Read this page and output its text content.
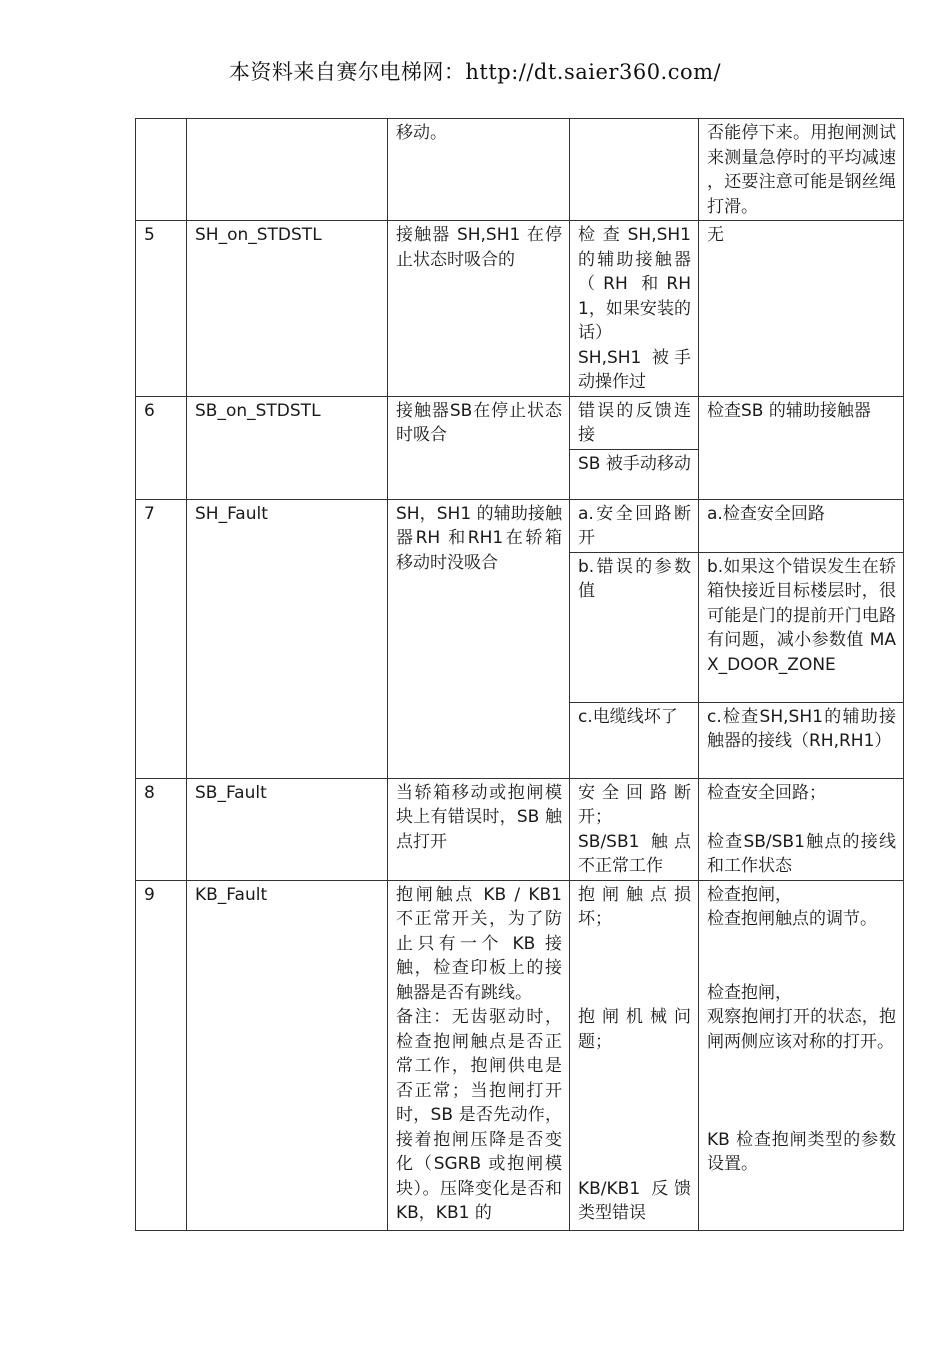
本资料来自赛尔电梯网：http://dt.saier360.com/
		移动。		否能停下来。用抱闸测试来测量急停时的平均减速 ，还要注意可能是钢丝绳打滑。
5	SH_on_STDSTL	接触器 SH,SH1 在停止状态时吸合的	检查SH,SH1的辅助接触器（RH 和RH1，如果安装的话）
SH,SH1 被手动操作过	无
6	SB_on_STDSTL	接触器SB在停止状态时吸合	错误的反馈连接	检查SB 的辅助接触器
			SB 被手动移动	
7	SH_Fault	SH，SH1 的辅助接触器RH 和RH1在轿箱移动时没吸合	a.安全回路断开	a.检查安全回路
			b.错误的参数值	b.如果这个错误发生在轿箱快接近目标楼层时，很可能是门的提前开门电路有问题，减小参数值 MAX_DOOR_ZONE
			c.电缆线坏了	c.检查SH,SH1的辅助接触器的接线（RH,RH1）
8	SB_Fault	当轿箱移动或抱闸模块上有错误时，SB 触点打开	安全回路断开；
SB/SB1 触点不正常工作	检查安全回路；

检查SB/SB1触点的接线和工作状态
9	KB_Fault	抱闸触点 KB / KB1 不正常开关，为了防止只有一个 KB 接触，检查印板上的接触器是否有跳线。
备注：无齿驱动时，检查抱闸触点是否正常工作，抱闸供电是否正常；当抱闸打开时，SB 是否先动作，接着抱闸压降是否变化（SGRB 或抱闸模块）。压降变化是否和 KB，KB1 的	抱闸触点损坏；

抱闸机械问题；

KB/KB1 反馈类型错误	检查抱闸，
检查抱闸触点的调节。

检查抱闸，
观察抱闸打开的状态，抱闸两侧应该对称的打开。

KB 检查抱闸类型的参数设置。
